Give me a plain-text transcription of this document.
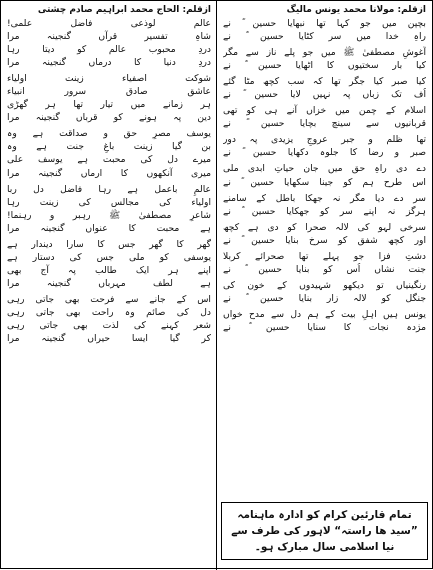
ازقلم: مولانا محمد یونس مالیگ
بچپن میں جو کہا تھا نبھایا حسین ؓ نے
راہِ خدا میں سر کٹایا حسین ؓ نے
آغوشِ مصطفیٰ ﷺ میں جو پلے ناز سے مگر
کیا بار سختیوں کا اٹھایا حسین ؓ نے
کیا صبر کیا جگر تھا کہ سب کچھ مٹا گئے
اُف تک زباں پہ نہیں لایا حسین ؓ نے
اسلام کے چمن میں خزاں آنے ہی کو تھی
قربانیوں سے سینچ بچایا حسین ؓ نے
تھا ظلم و جبر عروجِ یزیدی پہ دور
صبر و رضا کا جلوہ دکھایا حسین ؓ نے
دے دی راہِ حق میں جان حیاتِ ابدی ملی
اس طرح ہم کو جینا سکھایا حسین ؓ نے
سر دے دیا مگر نہ جھکا باطل کے سامنے
ہرگز نہ اپنے سر کو جھکایا حسین ؓ نے
سرخی لہو کی لالہ صحرا کو دی ہے کچھ
اور کچھ شفق کو سرخ بنایا حسین ؓ نے
دشتِ فزا جو پہلے تھا صحرائے کربلا
جنت نشاں اُس کو بنایا حسین ؓ نے
رنگینیاں تو دیکھو شہیدوں کے خون کی
جنگل کو لالہ زار بنایا حسین ؓ نے
یونس ہیں اہلِ بیت کے ہم دل سے مدح خواں
مژدہ نجات کا سنایا حسین ؓ نے
تمام قارئین کرام کو ادارہ ماہنامہ ”سید ھا راستہ“ لاہور کی طرف سے نیا اسلامی سال مبارک ہو۔
ازقلم: الحاج محمد ابراہیم صادم چشتی
عالم لوذعی فاضل علمی!
شاہِ تفسیر قرآں گنجینہ مرا
دردِ محبوب عالم کو دیتا رہا
دردِ دنیا کا درماں گنجینہ مرا
شوکت اصفیاء زینت اولیاء
عاشق صادق سرور انبیاء
ہر زمانے میں تیار تھا ہر گھڑی
دین پہ ہونے کو قرباں گنجینہ مرا
یوسف مصرِ حق و صداقت ہے وہ
بن گیا زینت باغِ جنت ہے وہ
میرے دل کی محبت ہے یوسف علی
میری آنکھوں کا ارماں گنجینہ مرا
عالمِ باعمل ہے رہا فاضل دل ربا
اولیاء کی مجالس کی زینت رہا
شاعرِ مصطفیٰ ﷺ رہبر و رہنما!
ہے محبت کا عنواں گنجینہ مرا
گھر کا گھر جس کا سارا دیندار ہے
یوسفی کو ملی جس کی دستار ہے
اپنے ہر ایک طالب پہ آج بھی
ہے لطف مہرباں گنجینہ مرا
اس کے جانے سے فرحت بھی جاتی رہی
دل کی صائم وہ راحت بھی جاتی رہی
شعر کہنے کی لذت بھی جاتی رہی
کر گیا ایسا حیراں گنجینہ مرا
